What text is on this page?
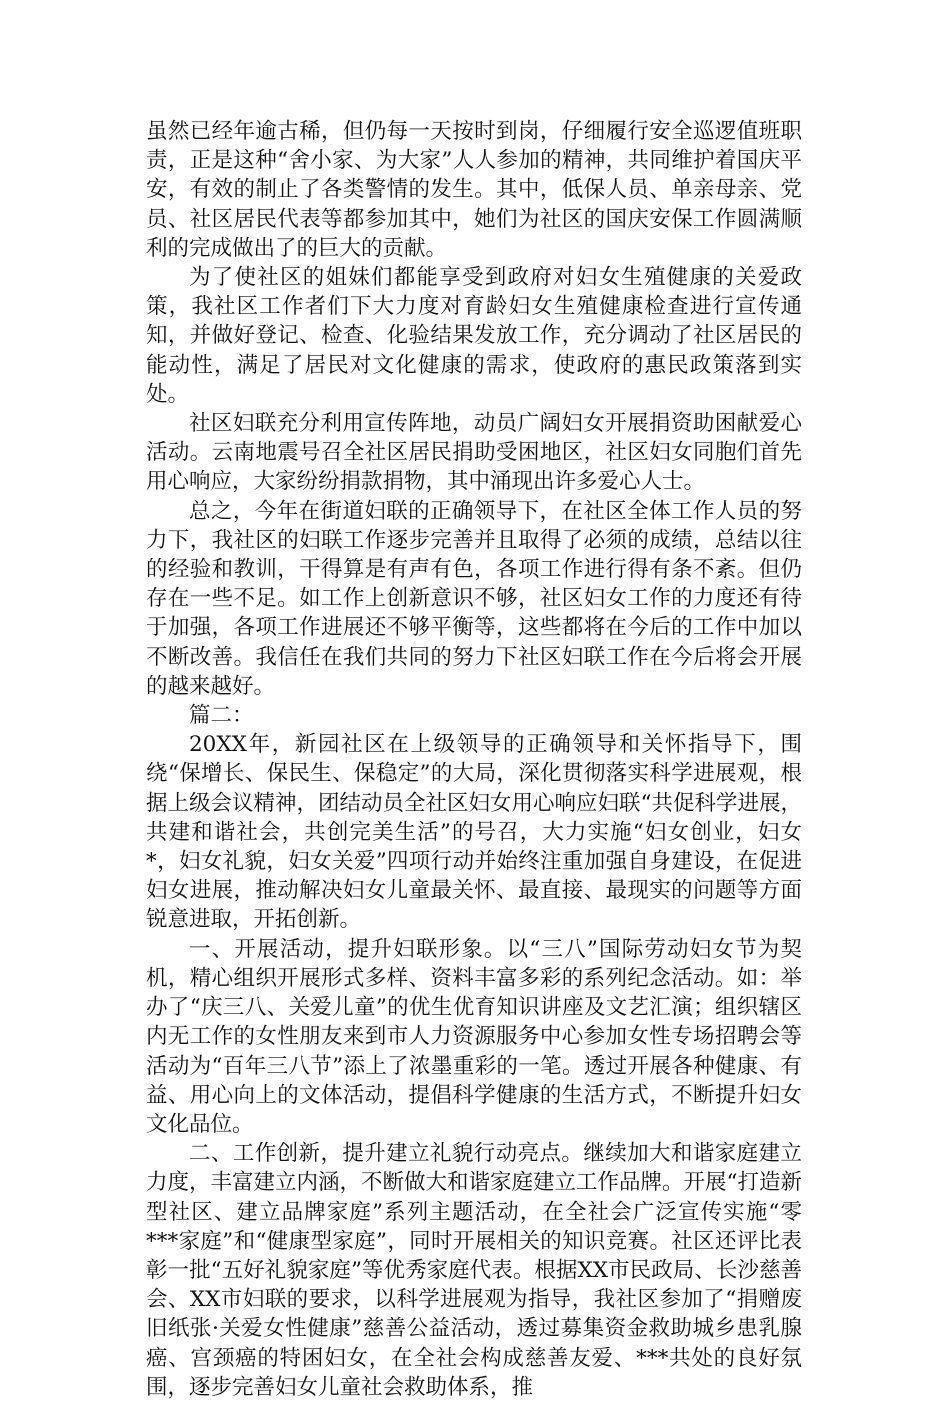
虽然已经年逾古稀，但仍每一天按时到岗，仔细履行安全巡逻值班职责，正是这种“舍小家、为大家”人人参加的精神，共同维护着国庆平安，有效的制止了各类警情的发生。其中，低保人员、单亲母亲、党员、社区居民代表等都参加其中，她们为社区的国庆安保工作圆满顺利的完成做出了的巨大的贡献。

为了使社区的姐妹们都能享受到政府对妇女生殖健康的关爱政策，我社区工作者们下大力度对育龄妇女生殖健康检查进行宣传通知，并做好登记、检查、化验结果发放工作，充分调动了社区居民的能动性，满足了居民对文化健康的需求，使政府的惠民政策落到实处。

社区妇联充分利用宣传阵地，动员广阔妇女开展捐资助困献爱心活动。云南地震号召全社区居民捐助受困地区，社区妇女同胞们首先用心响应，大家纷纷捐款捐物，其中涌现出许多爱心人士。

总之，今年在街道妇联的正确领导下，在社区全体工作人员的努力下，我社区的妇联工作逐步完善并且取得了必须的成绩，总结以往的经验和教训，干得算是有声有色，各项工作进行得有条不紊。但仍存在一些不足。如工作上创新意识不够，社区妇女工作的力度还有待于加强，各项工作进展还不够平衡等，这些都将在今后的工作中加以不断改善。我信任在我们共同的努力下社区妇联工作在今后将会开展的越来越好。

篇二：

20XX年，新园社区在上级领导的正确领导和关怀指导下，围绕“保增长、保民生、保稳定”的大局，深化贯彻落实科学进展观，根据上级会议精神，团结动员全社区妇女用心响应妇联“共促科学进展，共建和谐社会，共创完美生活”的号召，大力实施“妇女创业，妇女*，妇女礼貌，妇女关爱”四项行动并始终注重加强自身建设，在促进妇女进展，推动解决妇女儿童最关怀、最直接、最现实的问题等方面锐意进取，开拓创新。

一、开展活动，提升妇联形象。以“三八”国际劳动妇女节为契机，精心组织开展形式多样、资料丰富多彩的系列纪念活动。如：举办了“庆三八、关爱儿童”的优生优育知识讲座及文艺汇演；组织辖区内无工作的女性朋友来到市人力资源服务中心参加女性专场招聘会等活动为“百年三八节”添上了浓墨重彩的一笔。透过开展各种健康、有益、用心向上的文体活动，提倡科学健康的生活方式，不断提升妇女文化品位。

二、工作创新，提升建立礼貌行动亮点。继续加大和谐家庭建立力度，丰富建立内涵，不断做大和谐家庭建立工作品牌。开展“打造新型社区、建立品牌家庭”系列主题活动，在全社会广泛宣传实施“零***家庭”和“健康型家庭”，同时开展相关的知识竞赛。社区还评比表彰一批“五好礼貌家庭”等优秀家庭代表。根据XX市民政局、长沙慈善会、XX市妇联的要求，以科学进展观为指导，我社区参加了“捐赠废旧纸张·关爱女性健康”慈善公益活动，透过募集资金救助城乡患乳腺癌、宫颈癌的特困妇女，在全社会构成慈善友爱、***共处的良好氛围，逐步完善妇女儿童社会救助体系，推
